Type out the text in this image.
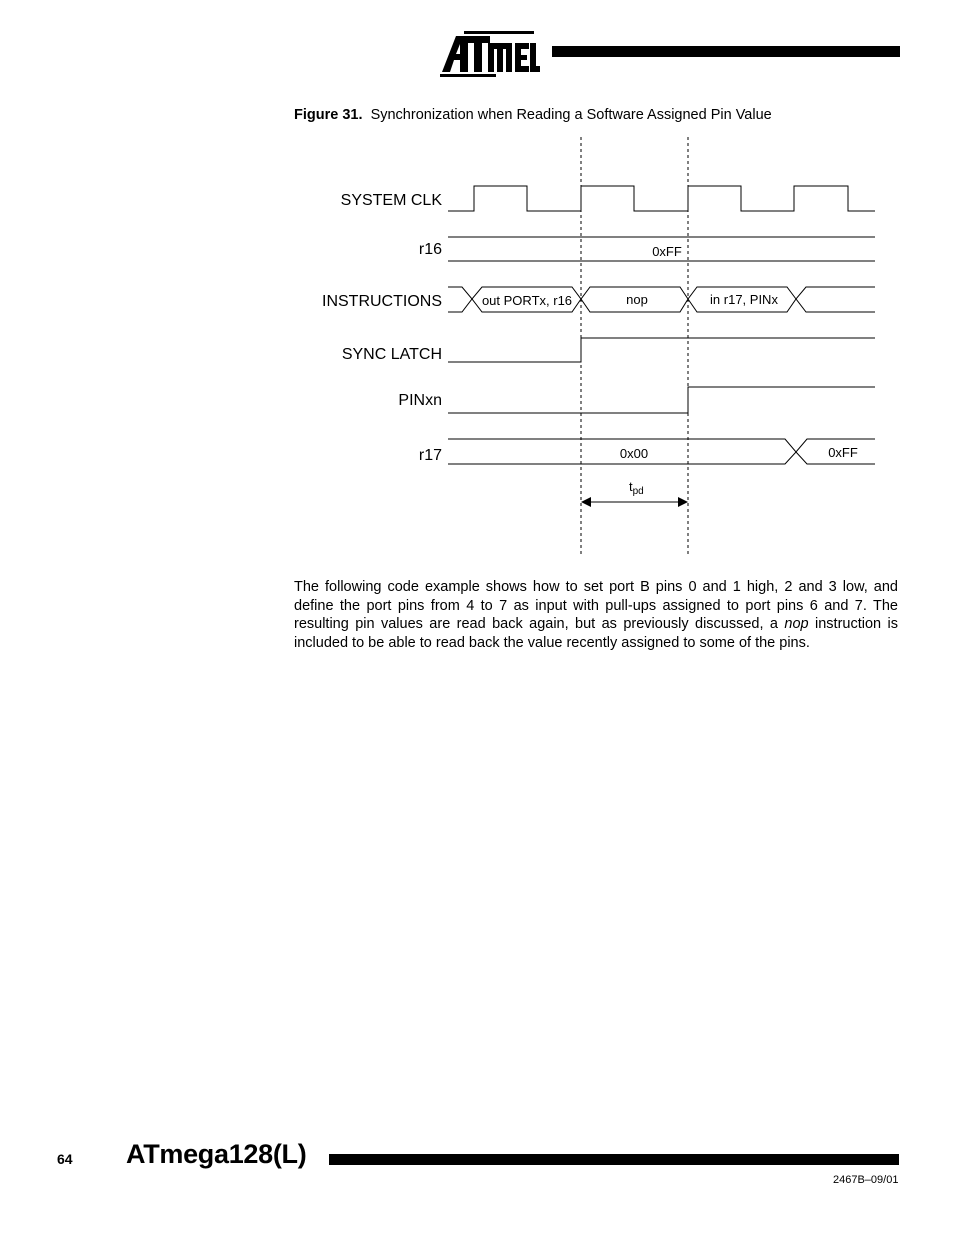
Figure 31. Synchronization when Reading a Software Assigned Pin Value
SYSTEM CLK
r16
INSTRUCTIONS
SYNC LATCH
PINxn
r17
0xFF
out PORTx, r16	nop	in r17, PINx
0x00	0xFF
$t_{pd}$
The following code example shows how to set port B pins 0 and 1 high, 2 and 3 low, and define the port pins from 4 to 7 as input with pull-ups assigned to port pins 6 and 7. The resulting pin values are read back again, but as previously discussed, a nop instruction is included to be able to read back the value recently assigned to some of the pins.
64 ATmega128(L)
2467B–09/01
